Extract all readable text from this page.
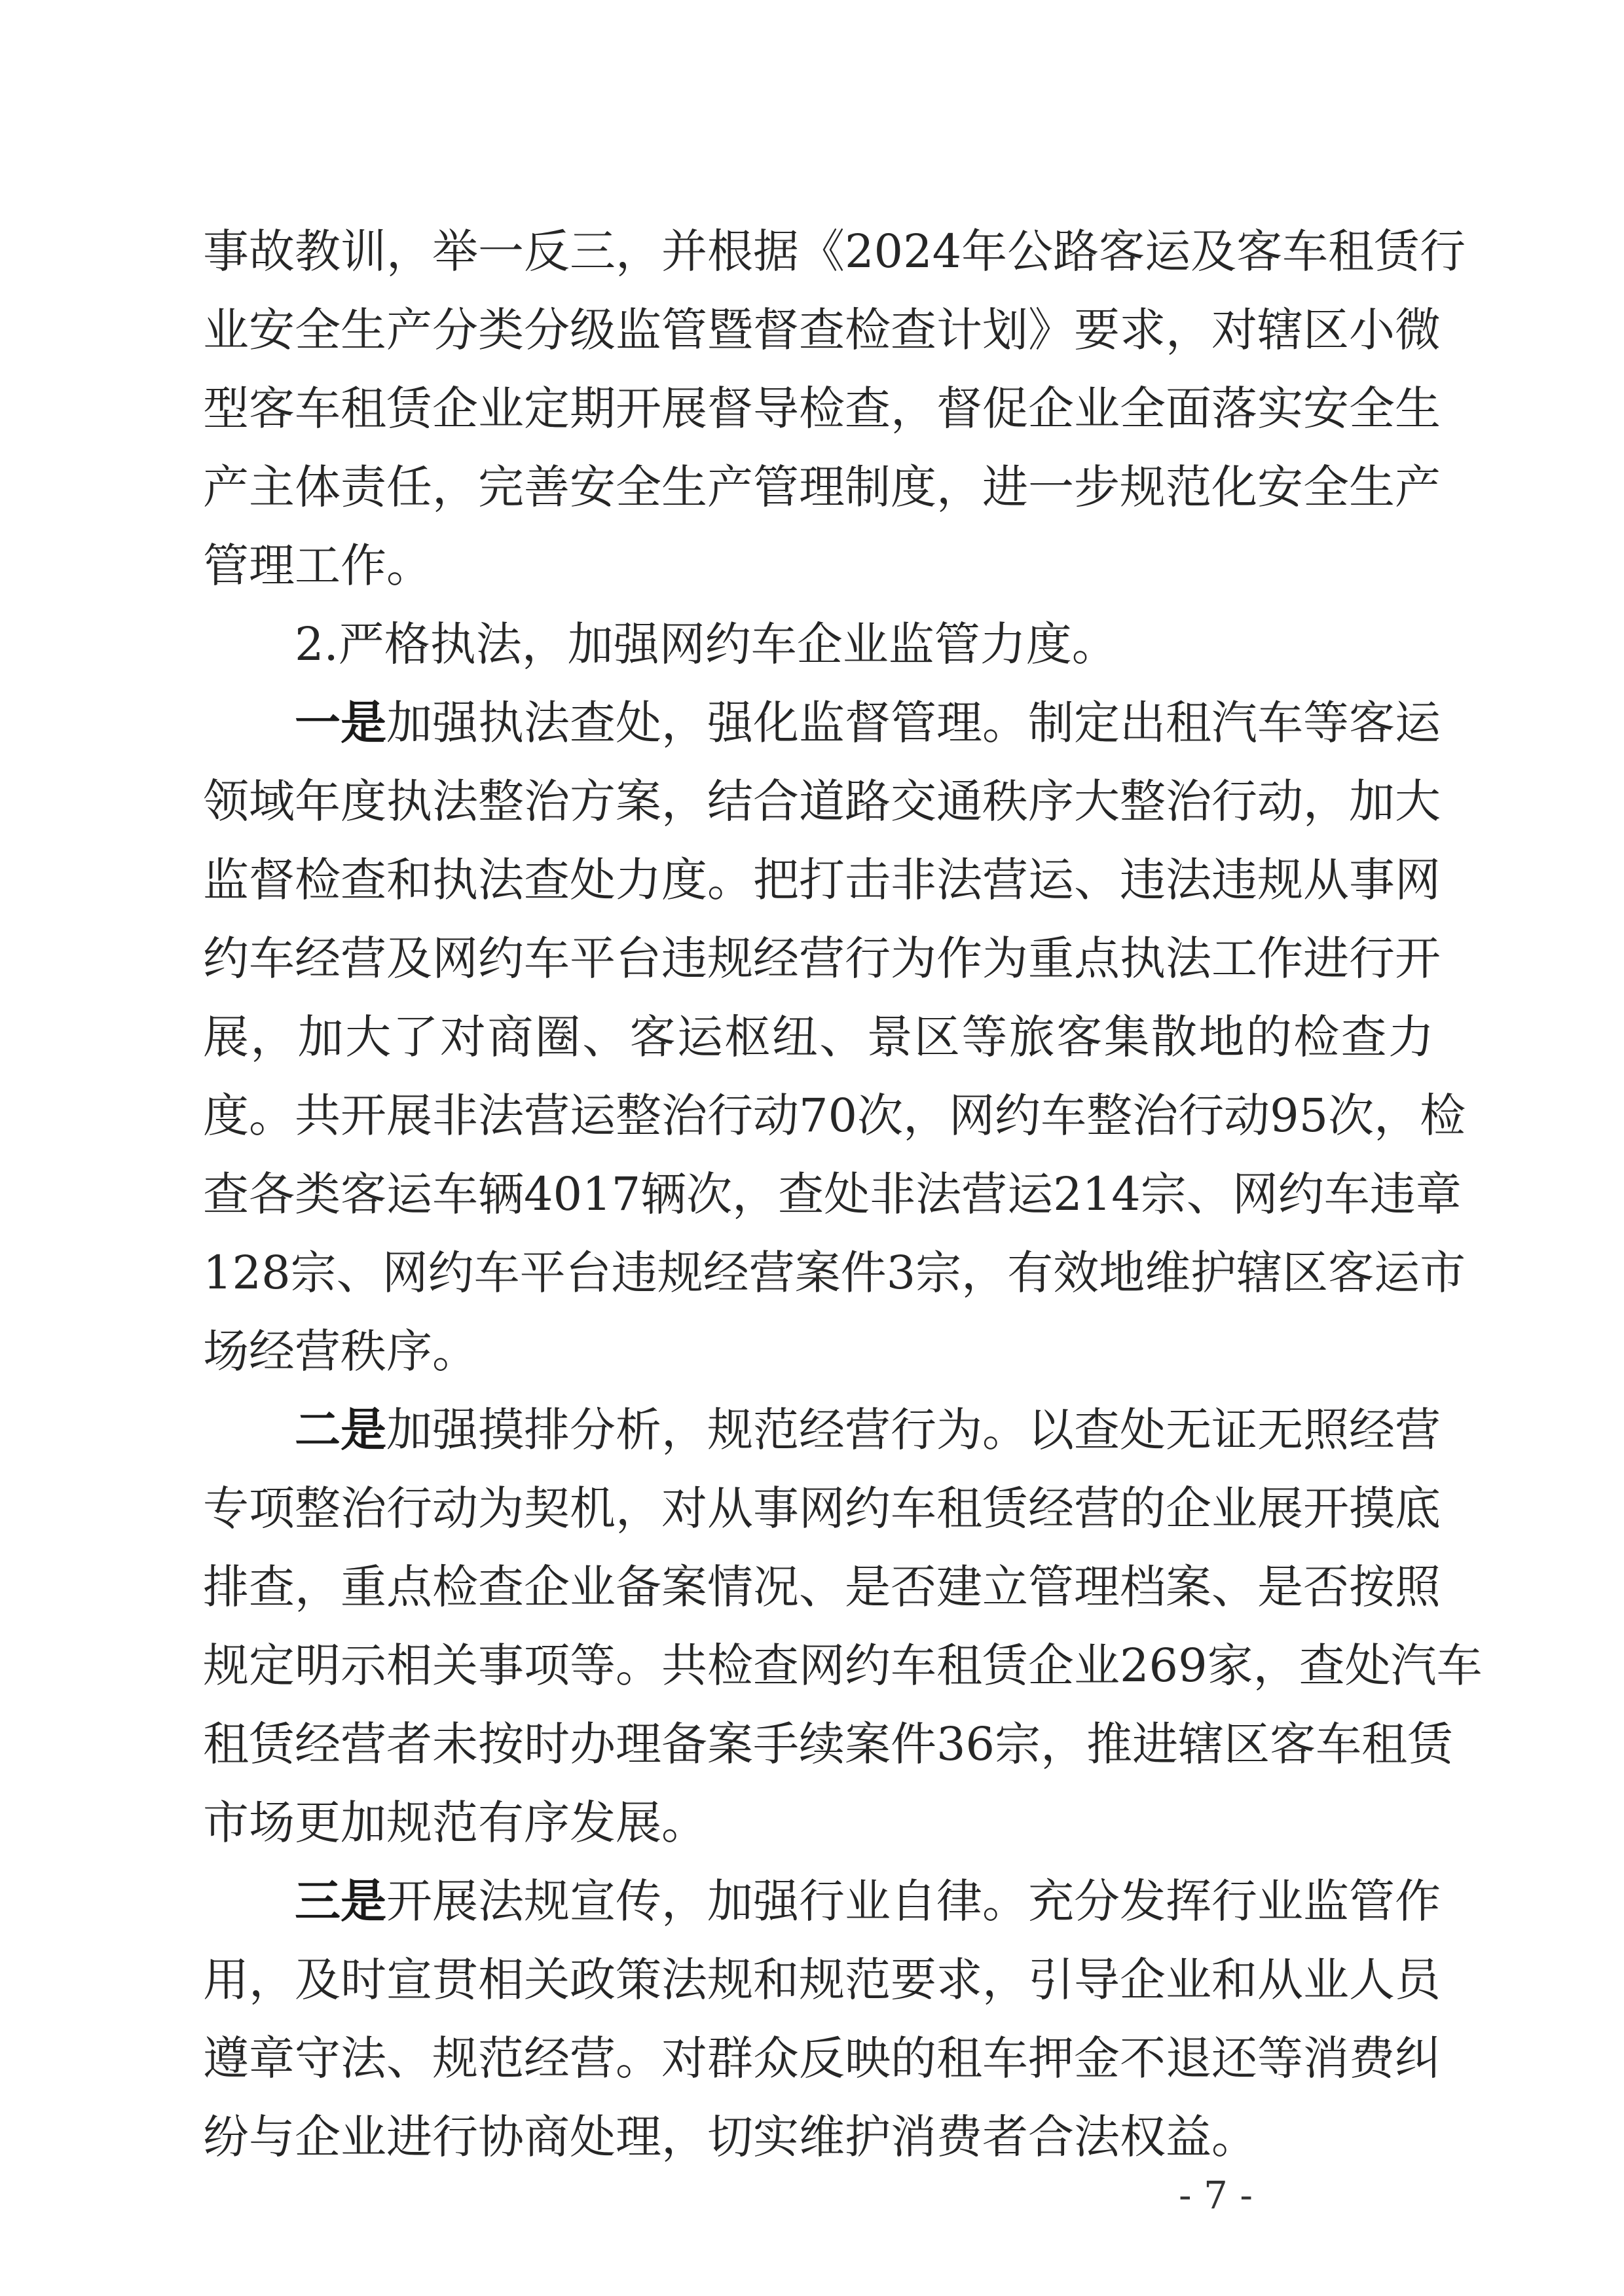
事故教训，举一反三，并根据《2024年公路客运及客车租赁行
业安全生产分类分级监管暨督查检查计划》要求，对辖区小微
型客车租赁企业定期开展督导检查，督促企业全面落实安全生
产主体责任，完善安全生产管理制度，进一步规范化安全生产
管理工作。
2.严格执法，加强网约车企业监管力度。
一是加强执法查处，强化监督管理。制定出租汽车等客运
领域年度执法整治方案，结合道路交通秩序大整治行动，加大
监督检查和执法查处力度。把打击非法营运、违法违规从事网
约车经营及网约车平台违规经营行为作为重点执法工作进行开
展，加大了对商圈、客运枢纽、景区等旅客集散地的检查力
度。共开展非法营运整治行动70次，网约车整治行动95次，检
查各类客运车辆4017辆次，查处非法营运214宗、网约车违章
128宗、网约车平台违规经营案件3宗，有效地维护辖区客运市
场经营秩序。
二是加强摸排分析，规范经营行为。以查处无证无照经营
专项整治行动为契机，对从事网约车租赁经营的企业展开摸底
排查，重点检查企业备案情况、是否建立管理档案、是否按照
规定明示相关事项等。共检查网约车租赁企业269家，查处汽车
租赁经营者未按时办理备案手续案件36宗，推进辖区客车租赁
市场更加规范有序发展。
三是开展法规宣传，加强行业自律。充分发挥行业监管作
用，及时宣贯相关政策法规和规范要求，引导企业和从业人员
遵章守法、规范经营。对群众反映的租车押金不退还等消费纠
纷与企业进行协商处理，切实维护消费者合法权益。
- 7 -
